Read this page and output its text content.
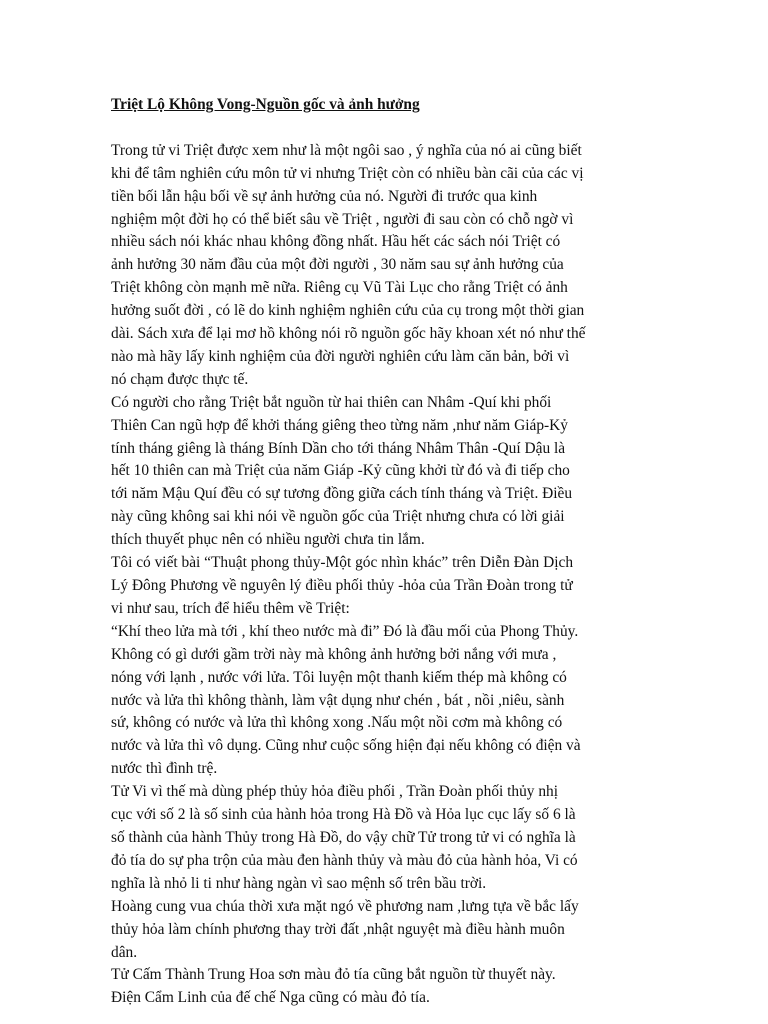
Triệt Lộ Không Vong-Nguồn gốc và ảnh hưởng

Trong tử vi Triệt được xem như là một ngôi sao , ý nghĩa của nó ai cũng biết
khi để tâm nghiên cứu môn tử vi nhưng Triệt còn có nhiều bàn cãi của các vị
tiền bối lẫn hậu bối về sự ảnh hưởng của nó. Người đi trước qua kinh
nghiệm một đời họ có thể biết sâu về Triệt , người đi sau còn có chỗ ngờ vì
nhiều sách nói khác nhau không đồng nhất. Hầu hết các sách nói Triệt có
ảnh hưởng 30 năm đầu của một đời người , 30 năm sau sự ảnh hưởng của
Triệt không còn mạnh mẽ nữa. Riêng cụ Vũ Tài Lục cho rằng Triệt có ảnh
hưởng suốt đời , có lẽ do kinh nghiệm nghiên cứu của cụ trong một thời gian
dài. Sách xưa để lại mơ hồ không nói rõ nguồn gốc hãy khoan xét nó như thế
nào mà hãy lấy kinh nghiệm của đời người nghiên cứu làm căn bản, bởi vì
nó chạm được thực tế.

Có người cho rằng Triệt bắt nguồn từ hai thiên can Nhâm -Quí khi phối
Thiên Can ngũ hợp để khởi tháng giêng theo từng năm ,như năm Giáp-Kỷ
tính tháng giêng là tháng Bính Dần cho tới tháng Nhâm Thân -Quí Dậu là
hết 10 thiên can mà Triệt của năm Giáp -Kỷ cũng khởi từ đó và đi tiếp cho
tới năm Mậu Quí đều có sự tương đồng giữa cách tính tháng và Triệt. Điều
này cũng không sai khi nói về nguồn gốc của Triệt nhưng chưa có lời giải
thích thuyết phục nên có nhiều người chưa tin lắm.

Tôi có viết bài “Thuật phong thủy-Một góc nhìn khác” trên Diễn Đàn Dịch
Lý Đông Phương về nguyên lý điều phối thủy -hỏa của Trần Đoàn trong tử
vi như sau, trích để hiểu thêm về Triệt:

“Khí theo lửa mà tới , khí theo nước mà đi” Đó là đầu mối của Phong Thủy.
Không có gì dưới gầm trời này mà không ảnh hưởng bởi nắng với mưa ,
nóng với lạnh , nước với lửa. Tôi luyện một thanh kiếm thép mà không có
nước và lửa thì không thành, làm vật dụng như chén , bát , nồi ,niêu, sành
sứ, không có nước và lửa thì không xong .Nấu một nồi cơm mà không có
nước và lửa thì vô dụng. Cũng như cuộc sống hiện đại nếu không có điện và
nước thì đình trệ.

Tử Vi vì thế mà dùng phép thủy hỏa điều phối , Trần Đoàn phối thủy nhị
cục với số 2 là số sinh của hành hỏa trong Hà Đồ và Hỏa lục cục lấy số 6 là
số thành của hành Thủy trong Hà Đồ, do vậy chữ Tử trong tử vi có nghĩa là
đỏ tía do sự pha trộn của màu đen hành thủy và màu đỏ của hành hỏa, Vi có
nghĩa là nhỏ li ti như hàng ngàn vì sao mệnh số trên bầu trời.

Hoàng cung vua chúa thời xưa mặt ngó về phương nam ,lưng tựa về bắc lấy
thủy hỏa làm chính phương thay trời đất ,nhật nguyệt mà điều hành muôn
dân.

Tử Cấm Thành Trung Hoa sơn màu đỏ tía cũng bắt nguồn từ thuyết này.
Điện Cẩm Linh của đế chế Nga cũng có màu đỏ tía.
